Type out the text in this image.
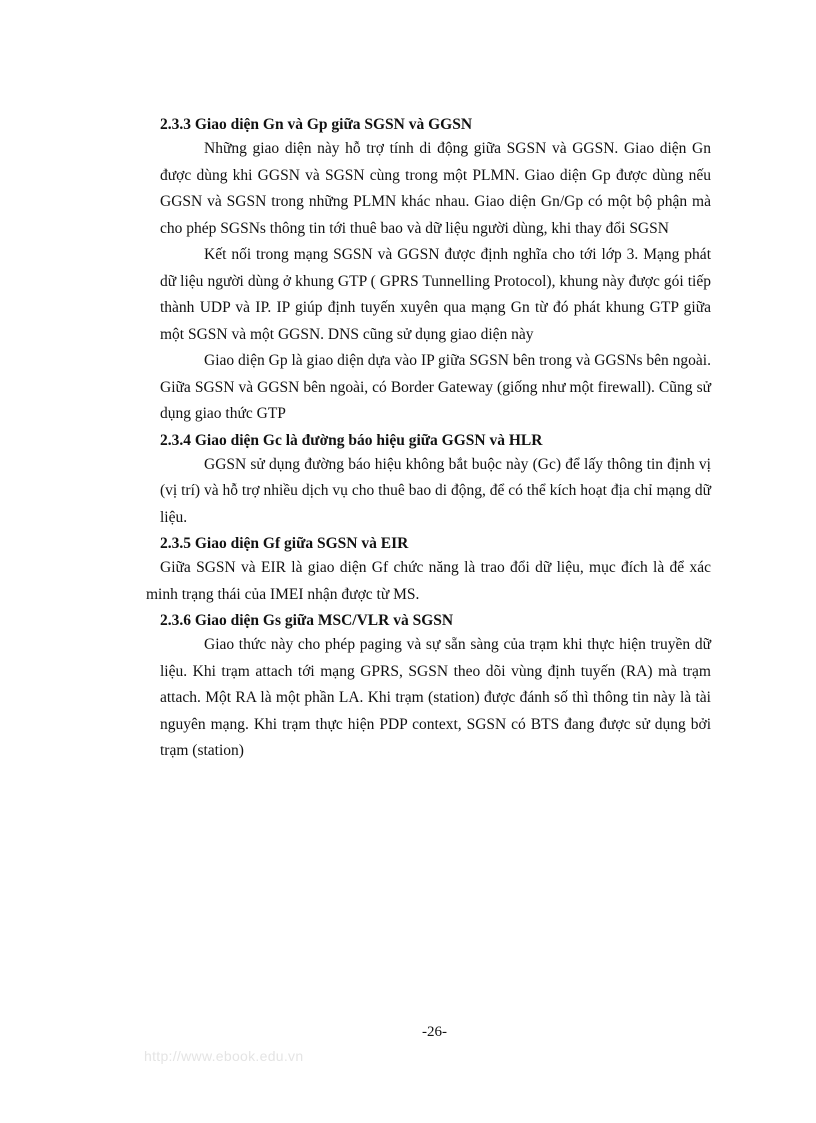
2.3.3 Giao diện Gn và Gp giữa SGSN và GGSN

Những giao diện này hỗ trợ tính di động giữa SGSN và GGSN. Giao diện Gn được dùng khi GGSN và SGSN cùng trong một PLMN. Giao diện Gp được dùng nếu GGSN và SGSN trong những PLMN khác nhau. Giao diện Gn/Gp có một bộ phận mà cho phép SGSNs thông tin tới thuê bao và dữ liệu người dùng, khi thay đổi SGSN

Kết nối trong mạng SGSN và GGSN được định nghĩa cho tới lớp 3. Mạng phát dữ liệu người dùng ở khung GTP ( GPRS Tunnelling Protocol), khung này được gói tiếp thành UDP và IP. IP giúp định tuyến xuyên qua mạng Gn từ đó phát khung GTP giữa một SGSN và một GGSN. DNS cũng sử dụng giao diện này

Giao diện Gp là giao diện dựa vào IP giữa SGSN bên trong và GGSNs bên ngoài. Giữa SGSN và GGSN bên ngoài, có Border Gateway (giống như một firewall). Cũng sử dụng giao thức GTP

2.3.4 Giao diện Gc là đường báo hiệu giữa GGSN và HLR

GGSN sử dụng đường báo hiệu không bắt buộc này (Gc) để lấy thông tin định vị (vị trí) và hỗ trợ nhiều dịch vụ cho thuê bao di động, để có thể kích hoạt địa chỉ mạng dữ liệu.

2.3.5 Giao diện Gf giữa SGSN và EIR

Giữa SGSN và EIR là giao diện Gf chức năng là trao đổi dữ liệu, mục đích là để xác minh trạng thái của IMEI nhận được từ MS.

2.3.6 Giao diện Gs giữa MSC/VLR và SGSN

Giao thức này cho phép paging và sự sẵn sàng của trạm khi thực hiện truyền dữ liệu. Khi trạm attach tới mạng GPRS, SGSN theo dõi vùng định tuyến (RA) mà trạm attach. Một RA là một phần LA. Khi trạm (station) được đánh số thì thông tin này là tài nguyên mạng. Khi trạm thực hiện PDP context, SGSN có BTS đang được sử dụng bởi trạm (station)

-26-
http://www.ebook.edu.vn
